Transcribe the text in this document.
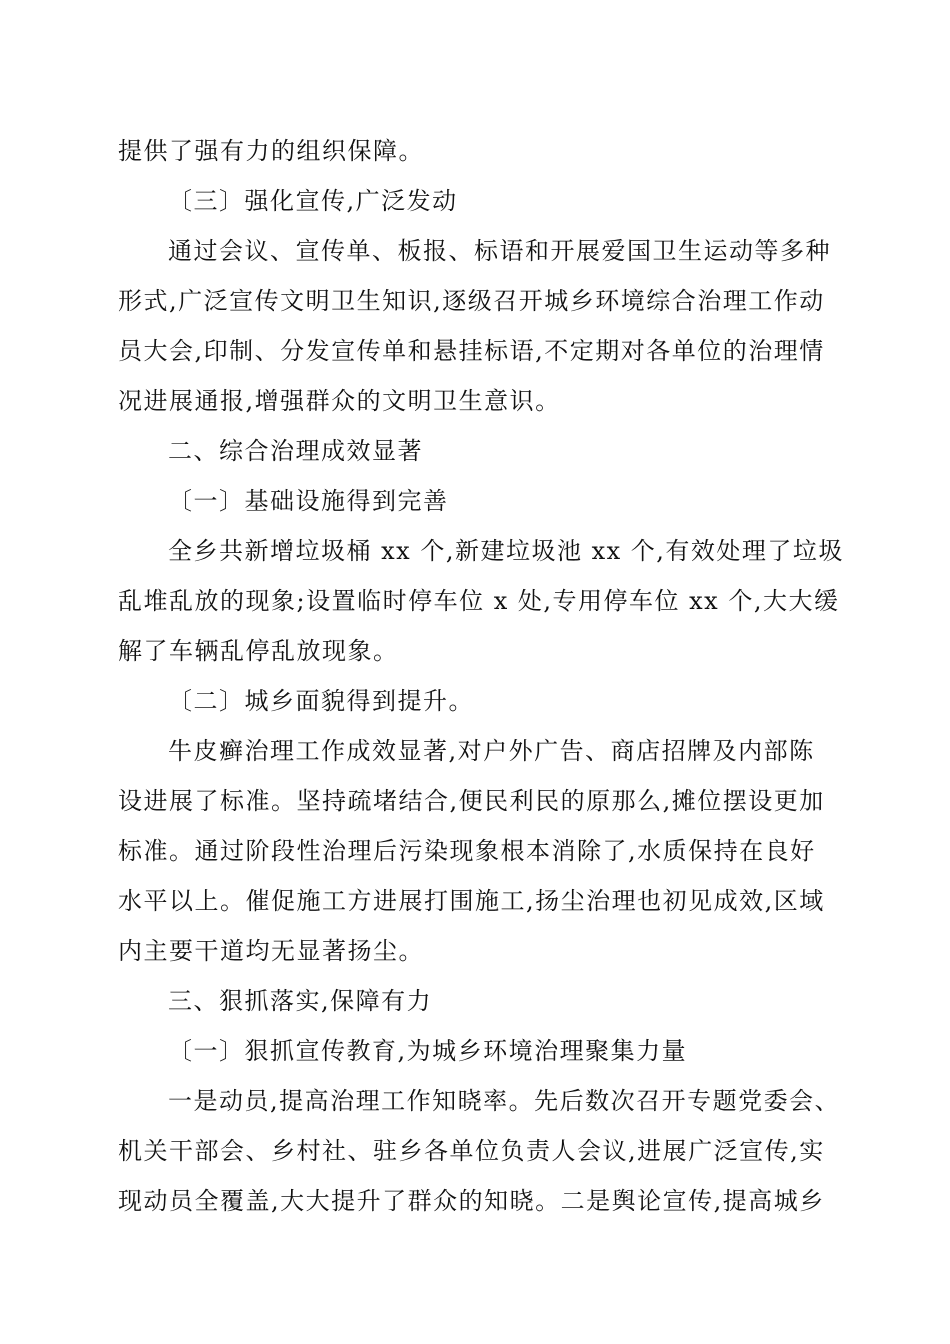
提供了强有力的组织保障。
〔三〕强化宣传,广泛发动
通过会议、宣传单、板报、标语和开展爱国卫生运动等多种
形式,广泛宣传文明卫生知识,逐级召开城乡环境综合治理工作动
员大会,印制、分发宣传单和悬挂标语,不定期对各单位的治理情
况进展通报,增强群众的文明卫生意识。
二、综合治理成效显著
〔一〕基础设施得到完善
全乡共新增垃圾桶 xx 个,新建垃圾池 xx 个,有效处理了垃圾
乱堆乱放的现象;设置临时停车位 x 处,专用停车位 xx 个,大大缓
解了车辆乱停乱放现象。
〔二〕城乡面貌得到提升。
牛皮癣治理工作成效显著,对户外广告、商店招牌及内部陈
设进展了标准。坚持疏堵结合,便民利民的原那么,摊位摆设更加
标准。通过阶段性治理后污染现象根本消除了,水质保持在良好
水平以上。催促施工方进展打围施工,扬尘治理也初见成效,区域
内主要干道均无显著扬尘。
三、狠抓落实,保障有力
〔一〕狠抓宣传教育,为城乡环境治理聚集力量
一是动员,提高治理工作知晓率。先后数次召开专题党委会、
机关干部会、乡村社、驻乡各单位负责人会议,进展广泛宣传,实
现动员全覆盖,大大提升了群众的知晓。二是舆论宣传,提高城乡
